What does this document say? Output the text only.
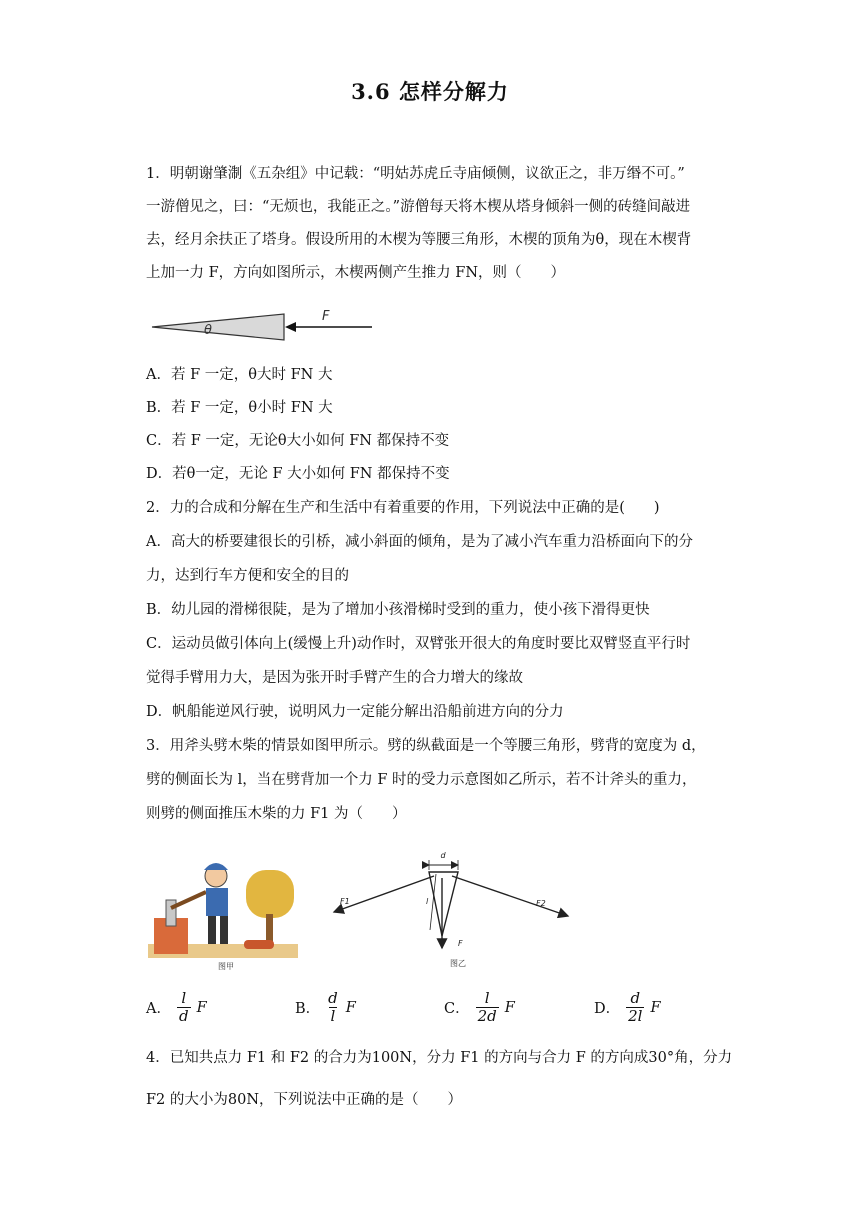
3.6 怎样分解力
1．明朝谢肇淛《五杂组》中记载：“明姑苏虎丘寺庙倾侧，议欲正之，非万缗不可。”
一游僧见之，曰：“无烦也，我能正之。”游僧每天将木楔从塔身倾斜一侧的砖缝间敲进
去，经月余扶正了塔身。假设所用的木楔为等腰三角形，木楔的顶角为θ，现在木楔背
上加一力 F，方向如图所示，木楔两侧产生推力 FN，则（　　）
θ
F
A．若 F 一定，θ大时 FN 大
B．若 F 一定，θ小时 FN 大
C．若 F 一定，无论θ大小如何 FN 都保持不变
D．若θ一定，无论 F 大小如何 FN 都保持不变
2．力的合成和分解在生产和生活中有着重要的作用，下列说法中正确的是(　　)
A．高大的桥要建很长的引桥，减小斜面的倾角，是为了减小汽车重力沿桥面向下的分
力，达到行车方便和安全的目的
B．幼儿园的滑梯很陡，是为了增加小孩滑梯时受到的重力，使小孩下滑得更快
C．运动员做引体向上(缓慢上升)动作时，双臂张开很大的角度时要比双臂竖直平行时
觉得手臂用力大，是因为张开时手臂产生的合力增大的缘故
D．帆船能逆风行驶，说明风力一定能分解出沿船前进方向的分力
3．用斧头劈木柴的情景如图甲所示。劈的纵截面是一个等腰三角形，劈背的宽度为 d，
劈的侧面长为 l，当在劈背加一个力 F 时的受力示意图如乙所示，若不计斧头的重力，
则劈的侧面推压木柴的力 F1 为（　　）
图甲
d
l
F
F1	F2
图乙
A． $\frac{l}{d}$ F	B． $\frac{d}{l}$ F	C． $\frac{l}{2d}$ F	D． $\frac{d}{2l}$ F
4．已知共点力 F1 和 F2 的合力为100N，分力 F1 的方向与合力 F 的方向成30°角，分力
F2 的大小为80N，下列说法中正确的是（　　）
